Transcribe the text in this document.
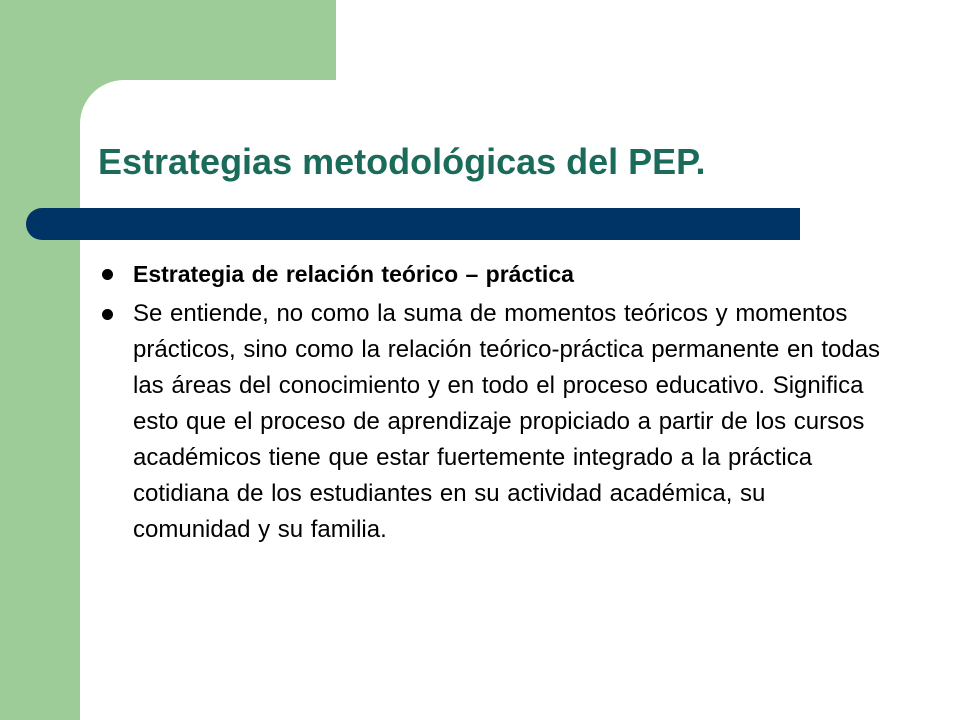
Estrategias metodológicas del PEP.
Estrategia de relación teórico – práctica
Se entiende, no como la suma de momentos teóricos y momentos prácticos, sino como la relación teórico-práctica permanente en todas las áreas del conocimiento y en todo el proceso educativo. Significa esto que el proceso de aprendizaje propiciado a partir de los cursos académicos tiene que estar fuertemente integrado a la práctica cotidiana de los estudiantes en su actividad académica, su comunidad y su familia.
